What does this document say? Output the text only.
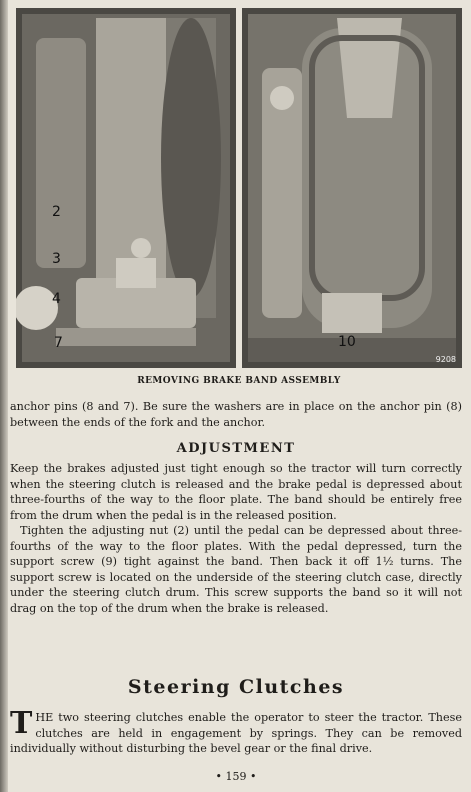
2
3
4
7	10
9208
REMOVING BRAKE BAND ASSEMBLY

anchor pins (8 and 7). Be sure the washers are in place on the anchor pin (8) between the ends of the fork and the anchor.

ADJUSTMENT

Keep the brakes adjusted just tight enough so the tractor will turn correctly when the steering clutch is released and the brake pedal is depressed about three-fourths of the way to the floor plate. The band should be entirely free from the drum when the pedal is in the released position.

Tighten the adjusting nut (2) until the pedal can be depressed about three-fourths of the way to the floor plates. With the pedal depressed, turn the support screw (9) tight against the band. Then back it off 1½ turns. The support screw is located on the underside of the steering clutch case, directly under the steering clutch drum. This screw supports the band so it will not drag on the top of the drum when the brake is released.

Steering Clutches

THE two steering clutches enable the operator to steer the tractor. These clutches are held in engagement by springs. They can be removed individually without disturbing the bevel gear or the final drive.

• 159 •
